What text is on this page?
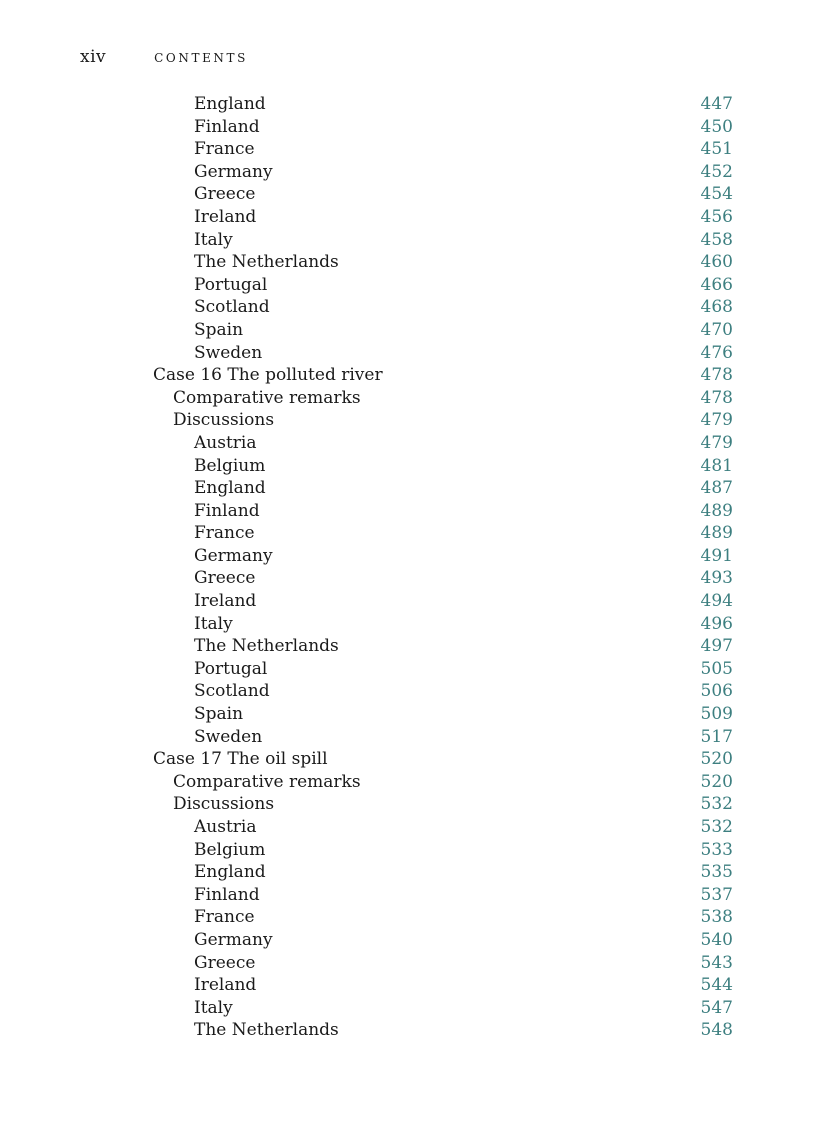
xiv	CONTENTS
England	447
Finland	450
France	451
Germany	452
Greece	454
Ireland	456
Italy	458
The Netherlands	460
Portugal	466
Scotland	468
Spain	470
Sweden	476
Case 16 The polluted river	478
Comparative remarks	478
Discussions	479
Austria	479
Belgium	481
England	487
Finland	489
France	489
Germany	491
Greece	493
Ireland	494
Italy	496
The Netherlands	497
Portugal	505
Scotland	506
Spain	509
Sweden	517
Case 17 The oil spill	520
Comparative remarks	520
Discussions	532
Austria	532
Belgium	533
England	535
Finland	537
France	538
Germany	540
Greece	543
Ireland	544
Italy	547
The Netherlands	548
